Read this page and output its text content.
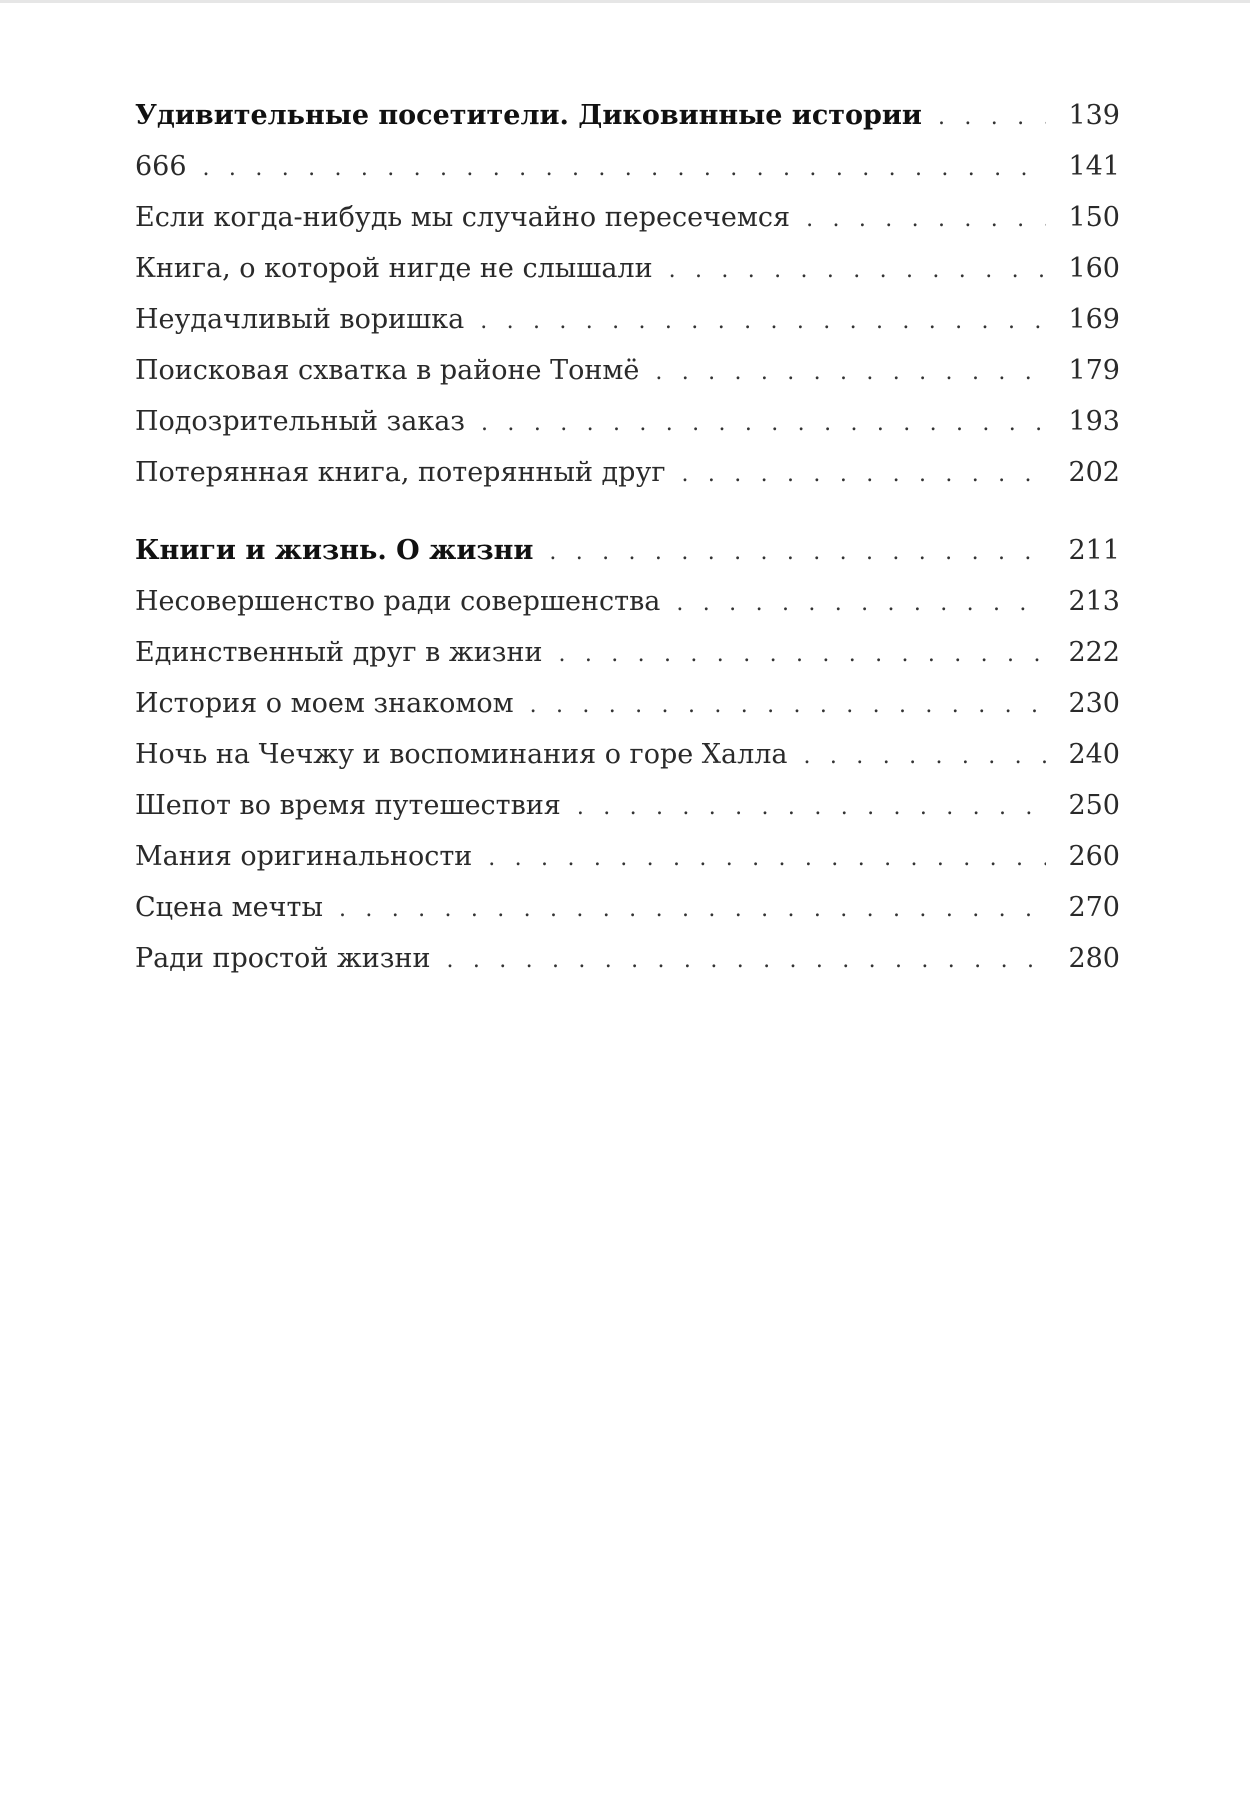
Удивительные посетители. Диковинные истории . . .	139
666 . . .	141
Если когда-нибудь мы случайно пересечемся . . .	150
Книга, о которой нигде не слышали . . .	160
Неудачливый воришка . . .	169
Поисковая схватка в районе Тонмё . . .	179
Подозрительный заказ . . .	193
Потерянная книга, потерянный друг . . .	202
Книги и жизнь. О жизни . . .	211
Несовершенство ради совершенства . . .	213
Единственный друг в жизни . . .	222
История о моем знакомом . . .	230
Ночь на Чечжу и воспоминания о горе Халла . . .	240
Шепот во время путешествия . . .	250
Мания оригинальности . . .	260
Сцена мечты . . .	270
Ради простой жизни . . .	280
